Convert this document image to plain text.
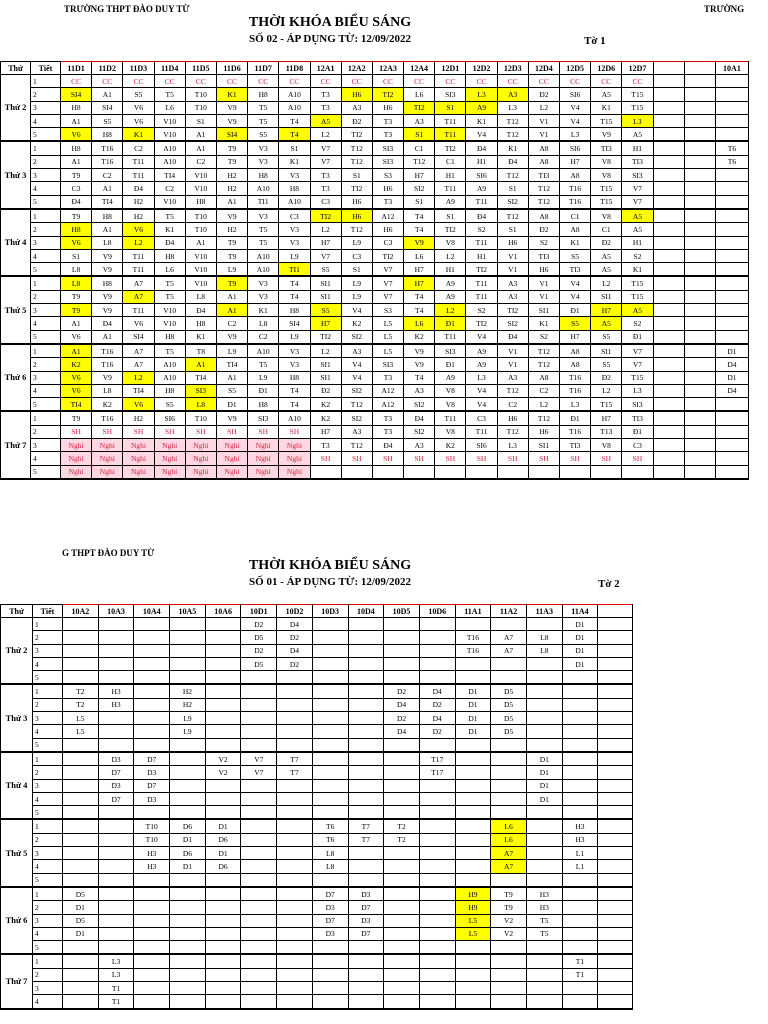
TRƯỜNG THPT ĐÀO DUY TỪ	TRƯỜNG
THỜI KHÓA BIỂU SÁNG
SỐ 02 - ÁP DỤNG TỪ: 12/09/2022	Tờ 1
Thứ	Tiết	11D1	11D2	11D3	11D4	11D5	11D6	11D7	11D8	12A1	12A2	12A3	12A4	12D1	12D2	12D3	12D4	12D5	12D6	12D7			10A1
Thứ 2	1	CC	CC	CC	CC	CC	CC	CC	CC	CC	CC	CC	CC	CC	CC	CC	CC	CC	CC	CC			
	2	SI4	A1	S5	T5	T10	K1	H8	A10	T3	H6	TI2	L6	SI3	L3	A3	Đ2	SI6	A5	T15			
	3	H8	SI4	V6	L6	T10	V9	T5	A10	T3	A3	H6	TI2	S1	A9	L3	L2	V4	K1	T15			
	4	A1	S5	V6	V10	S1	V9	T5	T4	A5	Đ2	T3	A3	T11	K1	T12	V1	V4	T15	L3			
	5	V6	H8	K1	V10	A1	SI4	S5	T4	L2	TI2	T3	S1	T11	V4	T12	V1	L3	V9	A5			
Thứ 3	1	H8	T16	C2	A10	A1	T9	V3	S1	V7	T12	SI3	C1	TI2	Đ4	K1	A8	SI6	TI3	H1			T6
	2	A1	T16	T11	A10	C2	T9	V3	K1	V7	T12	SI3	T12	C1	H1	Đ4	A8	H7	V8	TI3			T6
	3	T9	C2	T11	TI4	V10	H2	H8	V3	T3	S1	S3	H7	H1	SI6	T12	TI3	A8	V8	SI3			
	4	C3	A1	Đ4	C2	V10	H2	A10	H8	T3	TI2	H6	SI2	T11	A9	S1	T12	T16	T15	V7			
	5	Đ4	TI4	H2	V10	H8	A1	TI1	A10	C3	H6	T3	S1	A9	T11	SI2	T12	T16	T15	V7			
Thứ 4	1	T9	H8	H2	T5	T10	V9	V3	C3	TI2	H6	A12	T4	S1	Đ4	T12	A8	C1	V8	A5			
	2	H8	A1	V6	K1	T10	H2	T5	V3	L2	T12	H6	T4	TI2	S2	S1	Đ2	A8	C1	A5			
	3	V6	L8	L2	Đ4	A1	T9	T5	V3	H7	L9	C3	V9	V8	T11	H6	S2	K1	Đ2	H1			
	4	S1	V9	T11	H8	V10	T9	A10	L9	V7	C3	TI2	L6	L2	H1	V1	TI3	S5	A5	S2			
	5	L8	V9	T11	L6	V10	L9	A10	TI1	S5	S1	V7	H7	H1	TI2	V1	H6	TI3	A5	K1			
Thứ 5	1	L8	H8	A7	T5	V10	T9	V3	T4	SI1	L9	V7	H7	A9	T11	A3	V1	V4	L2	T15			
	2	T9	V9	A7	T5	L8	A1	V3	T4	SI1	L9	V7	T4	A9	T11	A3	V1	V4	SI1	T15			
	3	T9	V9	T11	V10	Đ4	A1	K1	H8	S5	V4	S3	T4	L2	S2	TI2	SI1	Đ1	H7	A5			
	4	A1	Đ4	V6	V10	H8	C2	L8	SI4	H7	K2	L5	L6	Đ1	TI2	SI2	K1	S5	A5	S2			
	5	V6	A1	SI4	H8	K1	V9	C2	L9	TI2	SI2	L5	K2	T11	V4	Đ4	S2	H7	S5	Đ1			
Thứ 6	1	A1	T16	A7	T5	T8	L9	A10	V3	L2	A3	L5	V9	SI3	A9	V1	T12	A8	SI1	V7			D1
	2	K2	T16	A7	A10	A1	TI4	T5	V3	SI1	V4	SI3	V9	Đ1	A9	V1	T12	A8	S5	V7			D4
	3	V6	V9	L2	A10	TI4	A1	L9	H8	SI1	V4	T3	T4	A9	L3	A3	A8	T16	Đ2	T15			D1
	4	V6	L8	TI4	H8	SI3	S5	Đ1	T4	Đ2	SI2	A12	A3	V8	V4	T12	C2	T16	L2	L3			D4
	5	TI4	K2	V6	S5	L8	Đ1	H8	T4	K2	T12	A12	SI2	V8	V4	C2	L2	L3	T15	SI3			
Thứ 7	1	T9	T16	H2	SI6	T10	V9	SI3	A10	K2	SI2	T3	Đ4	T11	C3	H6	T12	Đ1	H7	TI3			
	2	SH	SH	SH	SH	SH	SH	SH	SH	H7	A3	T3	SI2	V8	T11	T12	H6	T16	T13	Đ1			
	3	Nghỉ	Nghỉ	Nghỉ	Nghỉ	Nghỉ	Nghỉ	Nghỉ	Nghỉ	T3	T12	Đ4	A3	K2	SI6	L3	SI1	TI3	V8	C3			
	4	Nghỉ	Nghỉ	Nghỉ	Nghỉ	Nghỉ	Nghỉ	Nghỉ	Nghỉ	SH	SH	SH	SH	SH	SH	SH	SH	SH	SH	SH			
	5	Nghỉ	Nghỉ	Nghỉ	Nghỉ	Nghỉ	Nghỉ	Nghỉ	Nghỉ														
G THPT ĐÀO DUY TỪ
THỜI KHÓA BIỂU SÁNG
SỐ 01 - ÁP DỤNG TỪ: 12/09/2022	Tờ 2
Thứ	Tiết	10A2	10A3	10A4	10A5	10A6	10D1	10D2	10D3	10D4	10D5	10D6	11A1	11A2	11A3	11A4	
Thứ 2	1						D2	D4								D1	
	2						D5	D2					T16	A7	L8	D1	
	3						D2	D4					T16	A7	L8	D1	
	4						D5	D2								D1	
	5																
Thứ 3	1	T2	H3		H2						D2	D4	D1	D5			
	2	T2	H3		H2						D4	D2	D1	D5			
	3	L5			L9						D2	D4	D1	D5			
	4	L5			L9						D4	D2	D1	D5			
	5																
Thứ 4	1		D3	D7		V2	V7	T7				T17			D1		
	2		D7	D3		V2	V7	T7				T17			D1		
	3		D3	D7											D1		
	4		D7	D3											D1		
	5																
Thứ 5	1			T10	D6	D1			T6	T7	T2			L6		H3	
	2			T10	D1	D6			T6	T7	T2			L6		H3	
	3			H3	D6	D1			L8					A7		L1	
	4			H3	D1	D6			L8					A7		L1	
	5																
Thứ 6	1	D5							D7	D3			H9	T9	H3		
	2	D1							D3	D7			H9	T9	H3		
	3	D5							D7	D3			L5	V2	T5		
	4	D1							D3	D7			L5	V2	T5		
	5																
Thứ 7	1		L3													T1	
	2		L3													T1	
	3		T1														
	4		T1														
